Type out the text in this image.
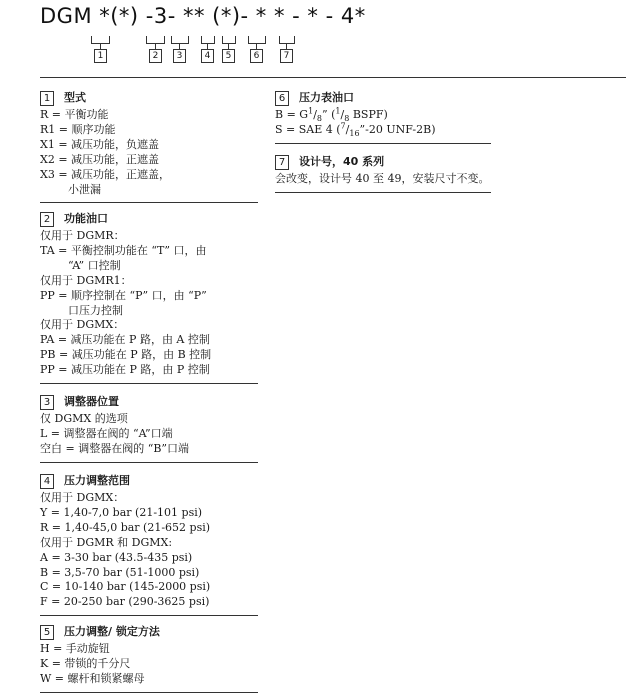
DGM *(*) -3- ** (*)- * * - * - 4*
1	2	3	4	5	6	7
1	型式
R = 平衡功能
R1 = 顺序功能
X1 = 减压功能，负遮盖
X2 = 减压功能，正遮盖
X3 = 减压功能，正遮盖，
小泄漏
2	功能油口
仅用于 DGMR：
TA = 平衡控制功能在 “T” 口，由
“A” 口控制
仅用于 DGMR1：
PP = 顺序控制在 “P” 口，由 “P”
口压力控制
仅用于 DGMX：
PA = 减压功能在 P 路，由 A 控制
PB = 减压功能在 P 路，由 B 控制
PP = 减压功能在 P 路，由 P 控制
3	调整器位置
仅 DGMX 的选项
L = 调整器在阀的 “A”口端
空白 = 调整器在阀的 “B”口端
4	压力调整范围
仅用于 DGMX：
Y = 1,40-7,0 bar (21-101 psi)
R = 1,40-45,0 bar (21-652 psi)
仅用于 DGMR 和 DGMX:
A = 3-30 bar (43.5-435 psi)
B = 3,5-70 bar (51-1000 psi)
C = 10-140 bar (145-2000 psi)
F = 20-250 bar (290-3625 psi)
5	压力调整/ 锁定方法
H = 手动旋钮
K = 带锁的千分尺
W = 螺杆和锁紧螺母
6	压力表油口
$B = G^1/_8$” ($^1/_8$ BSPF)
S = SAE 4 ($^7/_{16}”-20$ UNF-2B)
7	设计号，40 系列
会改变，设计号 40 至 49，安装尺寸不变。
